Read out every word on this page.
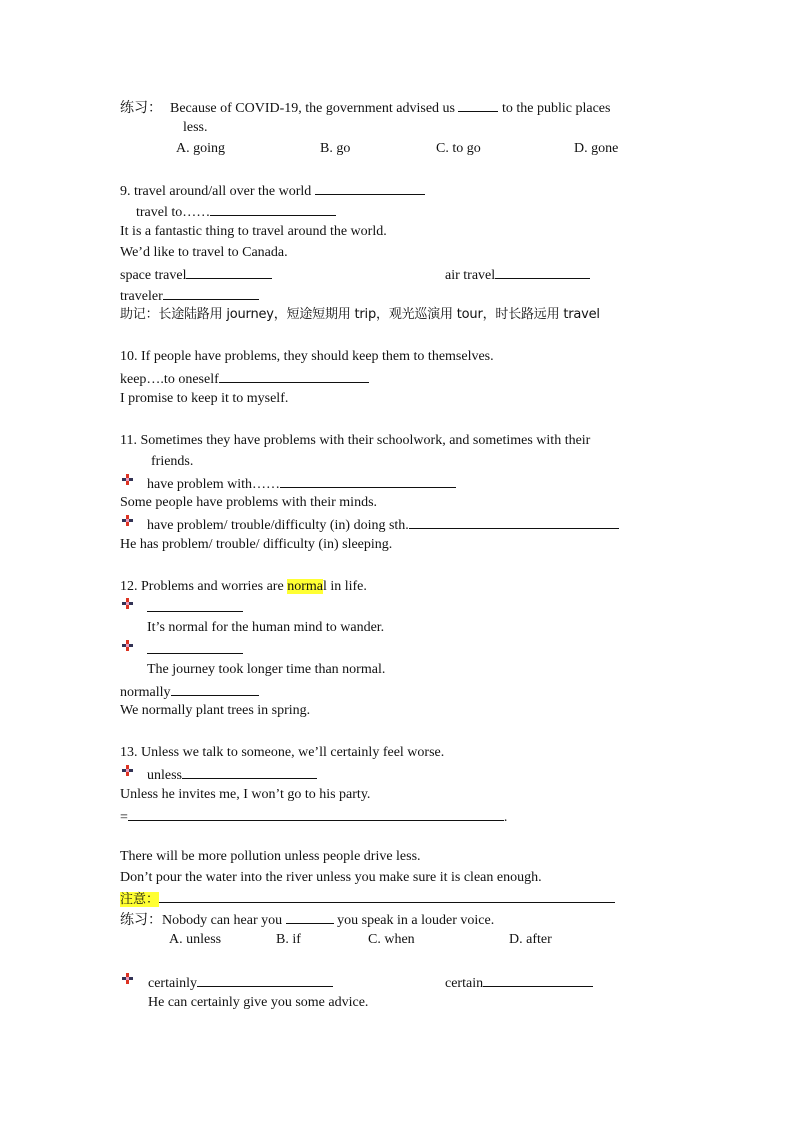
练习： Because of COVID-19, the government advised us	to the public places
less.
A. going	B. go	C. to go	D. gone
9. travel around/all over the world
travel to……
It is a fantastic thing to travel around the world.
We’d like to travel to Canada.
space travel	air travel
traveler
助记：长途陆路用 journey，短途短期用 trip，观光巡演用 tour，时长路远用 travel
10. If people have problems, they should keep them to themselves.
keep….to oneself
I promise to keep it to myself.
11. Sometimes they have problems with their schoolwork, and sometimes with their
friends.
have problem with……
Some people have problems with their minds.
have problem/ trouble/difficulty (in) doing sth.
He has problem/ trouble/ difficulty (in) sleeping.
12. Problems and worries are normal in life.
It’s normal for the human mind to wander.
The journey took longer time than normal.
normally
We normally plant trees in spring.
13. Unless we talk to someone, we’ll certainly feel worse.
unless
Unless he invites me, I won’t go to his party.
=	.
There will be more pollution unless people drive less.
Don’t pour the water into the river unless you make sure it is clean enough.
注意：
练习：Nobody can hear you	you speak in a louder voice.
A. unless	B. if	C. when	D. after
certainly	certain
He can certainly give you some advice.
